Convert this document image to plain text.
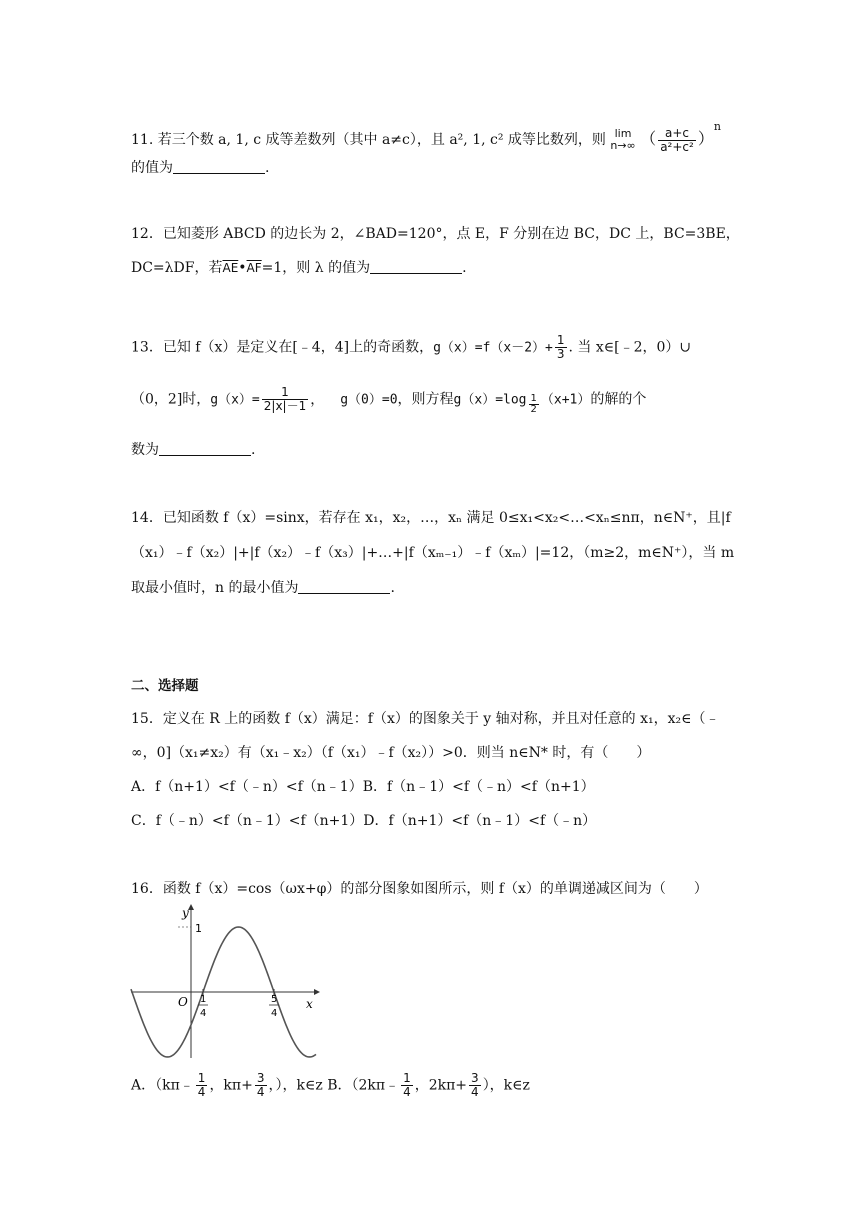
11. 若三个数 a, 1, c 成等差数列（其中 a≠c），且 a², 1, c² 成等比数列，则 lim
n→∞ （ $\frac{a+c}{\text{a²+c²}} )^n$
的值为	.
12．已知菱形 ABCD 的边长为 2，∠BAD=120°，点 E，F 分别在边 BC，DC 上，BC=3BE，
DC=λDF，若$\overline{AE}•\overline{AF}=1$，则 λ 的值为	.
13．已知 f（x）是定义在[﹣4，4]上的奇函数，$g(x)=f(x-2)+ \frac{1}{3}$ . 当 x∈[﹣2，0）∪
（0，2]时，$g(x)= \frac{1}{2|x|-1}$ ， g（0）=0，则方程$g(x)=\log \frac{1}{2} (x+1)$的解的个
数为	.
14．已知函数 f（x）=sinx，若存在 x₁，x₂，…，xₙ 满足 0≤x₁<x₂<…<xₙ≤nπ，n∈N⁺，且|f
（x₁）﹣f（x₂）|+|f（x₂）﹣f（x₃）|+…+|f（xₘ₋₁）﹣f（xₘ）|=12，（m≥2，m∈N⁺），当 m
取最小值时，n 的最小值为	.
二、选择题
15．定义在 R 上的函数 f（x）满足：f（x）的图象关于 y 轴对称，并且对任意的 x₁，x₂∈（﹣
∞，0]（x₁≠x₂）有（x₁﹣x₂）（f（x₁）﹣f（x₂））>0．则当 n∈N* 时，有（　　）
A．f（n+1）<f（﹣n）<f（n﹣1）B．f（n﹣1）<f（﹣n）<f（n+1）
C．f（﹣n）<f（n﹣1）<f（n+1）D．f（n+1）<f（n﹣1）<f（﹣n）
16．函数 f（x）=cos（ωx+φ）的部分图象如图所示，则 f（x）的单调递减区间为（　　）
y
x
O
1
1
4
5
4
A．（kπ﹣ $\frac{1}{4}$ ，$k\pi+ \frac{3}{4}$ ，），k∈z B．（2kπ﹣ $\frac{1}{4}$ ，$2k\pi+ \frac{3}{4}$ ），k∈z
